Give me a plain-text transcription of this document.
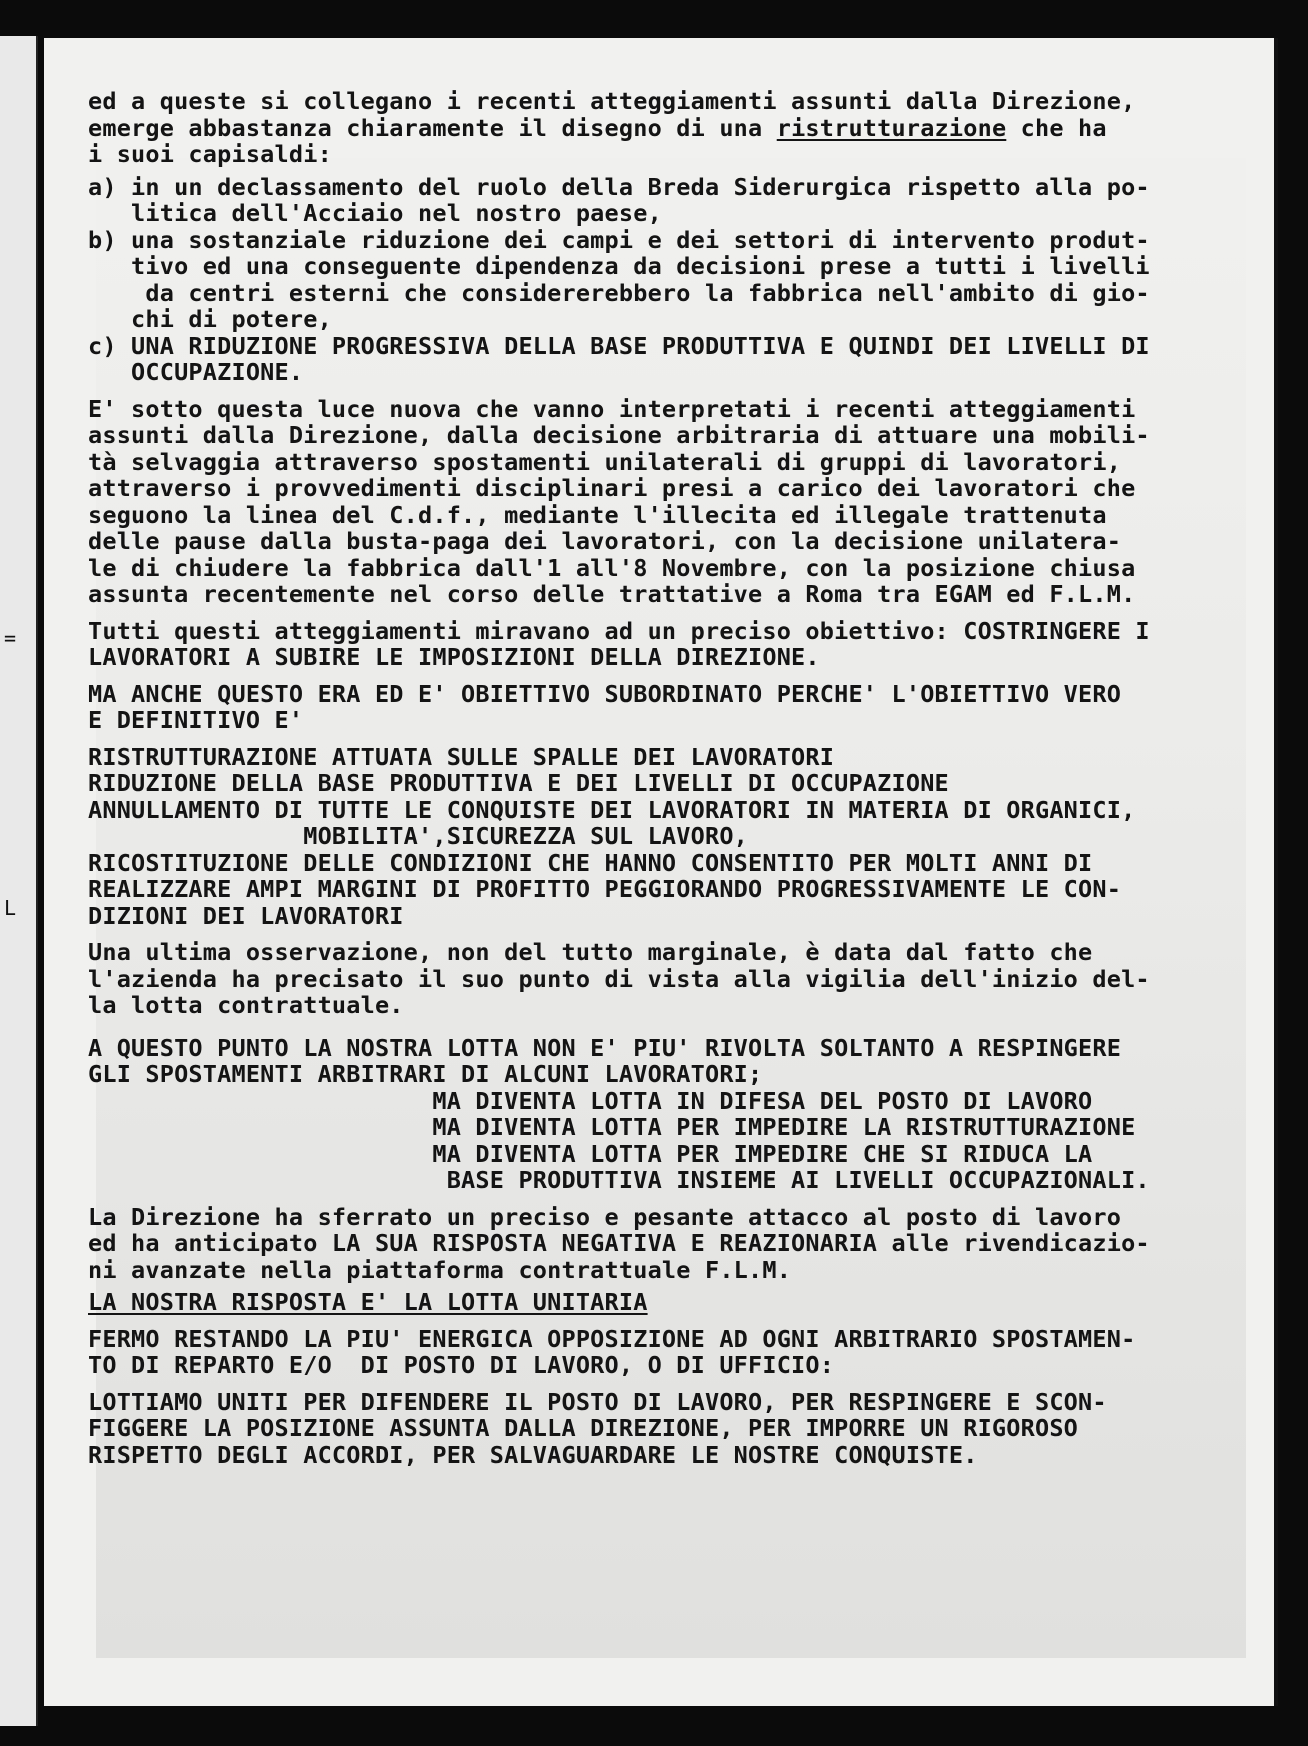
=
L
ed a queste si collegano i recenti atteggiamenti assunti dalla Direzione,
emerge abbastanza chiaramente il disegno di una ristrutturazione che ha
i suoi capisaldi:
a) in un declassamento del ruolo della Breda Siderurgica rispetto alla po-
litica dell'Acciaio nel nostro paese,
b) una sostanziale riduzione dei campi e dei settori di intervento produt-
tivo ed una conseguente dipendenza da decisioni prese a tutti i livelli
da centri esterni che considererebbero la fabbrica nell'ambito di gio-
chi di potere,
c) UNA RIDUZIONE PROGRESSIVA DELLA BASE PRODUTTIVA E QUINDI DEI LIVELLI DI
OCCUPAZIONE.
E' sotto questa luce nuova che vanno interpretati i recenti atteggiamenti
assunti dalla Direzione, dalla decisione arbitraria di attuare una mobili-
tà selvaggia attraverso spostamenti unilaterali di gruppi di lavoratori,
attraverso i provvedimenti disciplinari presi a carico dei lavoratori che
seguono la linea del C.d.f., mediante l'illecita ed illegale trattenuta
delle pause dalla busta-paga dei lavoratori, con la decisione unilatera-
le di chiudere la fabbrica dall'1 all'8 Novembre, con la posizione chiusa
assunta recentemente nel corso delle trattative a Roma tra EGAM ed F.L.M.
Tutti questi atteggiamenti miravano ad un preciso obiettivo: COSTRINGERE I
LAVORATORI A SUBIRE LE IMPOSIZIONI DELLA DIREZIONE.
MA ANCHE QUESTO ERA ED E' OBIETTIVO SUBORDINATO PERCHE' L'OBIETTIVO VERO
E DEFINITIVO E'
RISTRUTTURAZIONE ATTUATA SULLE SPALLE DEI LAVORATORI
RIDUZIONE DELLA BASE PRODUTTIVA E DEI LIVELLI DI OCCUPAZIONE
ANNULLAMENTO DI TUTTE LE CONQUISTE DEI LAVORATORI IN MATERIA DI ORGANICI,
MOBILITA',SICUREZZA SUL LAVORO,
RICOSTITUZIONE DELLE CONDIZIONI CHE HANNO CONSENTITO PER MOLTI ANNI DI
REALIZZARE AMPI MARGINI DI PROFITTO PEGGIORANDO PROGRESSIVAMENTE LE CON-
DIZIONI DEI LAVORATORI
Una ultima osservazione, non del tutto marginale, è data dal fatto che
l'azienda ha precisato il suo punto di vista alla vigilia dell'inizio del-
la lotta contrattuale.
A QUESTO PUNTO LA NOSTRA LOTTA NON E' PIU' RIVOLTA SOLTANTO A RESPINGERE
GLI SPOSTAMENTI ARBITRARI DI ALCUNI LAVORATORI;
MA DIVENTA LOTTA IN DIFESA DEL POSTO DI LAVORO
MA DIVENTA LOTTA PER IMPEDIRE LA RISTRUTTURAZIONE
MA DIVENTA LOTTA PER IMPEDIRE CHE SI RIDUCA LA
BASE PRODUTTIVA INSIEME AI LIVELLI OCCUPAZIONALI.
La Direzione ha sferrato un preciso e pesante attacco al posto di lavoro
ed ha anticipato LA SUA RISPOSTA NEGATIVA E REAZIONARIA alle rivendicazio-
ni avanzate nella piattaforma contrattuale F.L.M.
LA NOSTRA RISPOSTA E' LA LOTTA UNITARIA
FERMO RESTANDO LA PIU' ENERGICA OPPOSIZIONE AD OGNI ARBITRARIO SPOSTAMEN-
TO DI REPARTO E/O  DI POSTO DI LAVORO, O DI UFFICIO:
LOTTIAMO UNITI PER DIFENDERE IL POSTO DI LAVORO, PER RESPINGERE E SCON-
FIGGERE LA POSIZIONE ASSUNTA DALLA DIREZIONE, PER IMPORRE UN RIGOROSO
RISPETTO DEGLI ACCORDI, PER SALVAGUARDARE LE NOSTRE CONQUISTE.
